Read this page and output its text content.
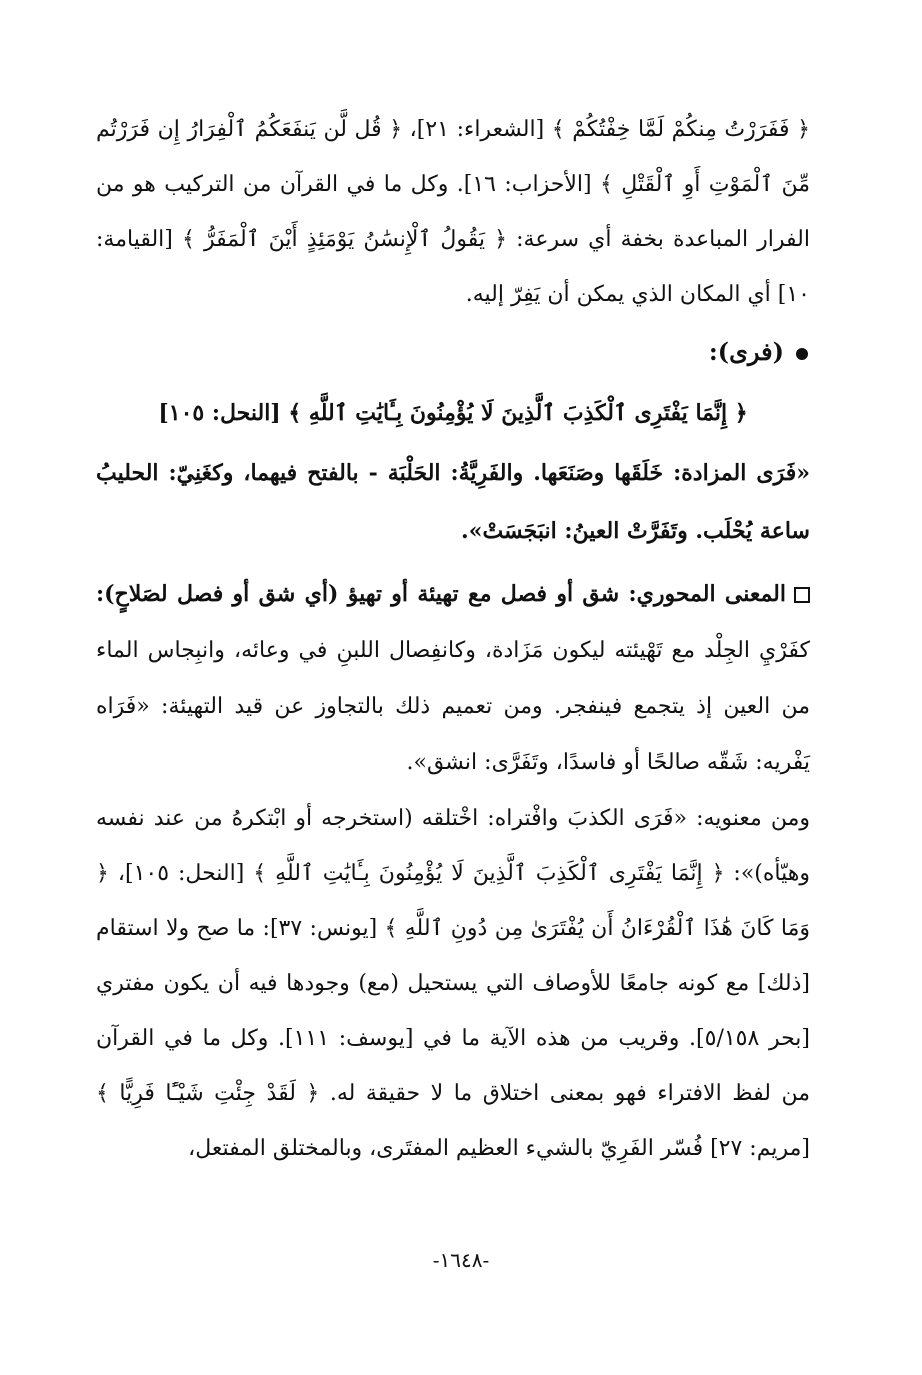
﴿ فَفَرَرْتُ مِنكُمْ لَمَّا خِفْتُكُمْ ﴾ [الشعراء: ٢١]، ﴿ قُل لَّن يَنفَعَكُمُ ٱلْفِرَارُ إِن فَرَرْتُم مِّنَ ٱلْمَوْتِ أَوِ ٱلْقَتْلِ ﴾ [الأحزاب: ١٦]. وكل ما في القرآن من التركيب هو من الفرار المباعدة بخفة أي سرعة: ﴿ يَقُولُ ٱلْإِنسَٰنُ يَوْمَئِذٍ أَيْنَ ٱلْمَفَرُّ ﴾ [القيامة: ١٠] أي المكان الذي يمكن أن يَفِرّ إليه.

(فرى):

﴿ إِنَّمَا يَفْتَرِى ٱلْكَذِبَ ٱلَّذِينَ لَا يُؤْمِنُونَ بِـَٔايَٰتِ ٱللَّهِ ﴾ [النحل: ١٠٥]

«فَرَى المزادة: خَلَقَها وصَنَعَها. والفَرِيَّةُ: الحَلْبَة - بالفتح فيهما، وكغَنِيّ: الحليبُ ساعة يُحْلَب. وتَفَرَّتْ العينُ: انبَجَسَتْ».

المعنى المحوري: شق أو فصل مع تهيئة أو تهيؤ (أي شق أو فصل لصَلاحٍ): كفَرْيِ الجِلْد مع تَهْيئته ليكون مَزَادة، وكانفِصال اللبنِ في وعائه، وانبِجاس الماء من العين إذ يتجمع فينفجر. ومن تعميم ذلك بالتجاوز عن قيد التهيئة: «فَرَاه يَفْريه: شَقّه صالحًا أو فاسدًا، وتَفَرَّى: انشق».

ومن معنويه: «فَرَى الكذبَ وافْتراه: اخْتلقه (استخرجه أو ابْتكرهُ من عند نفسه وهيّأه)»: ﴿ إِنَّمَا يَفْتَرِى ٱلْكَذِبَ ٱلَّذِينَ لَا يُؤْمِنُونَ بِـَٔايَٰتِ ٱللَّهِ ﴾ [النحل: ١٠٥]، ﴿ وَمَا كَانَ هَٰذَا ٱلْقُرْءَانُ أَن يُفْتَرَىٰ مِن دُونِ ٱللَّهِ ﴾ [يونس: ٣٧]: ما صح ولا استقام [ذلك] مع كونه جامعًا للأوصاف التي يستحيل (مع) وجودها فيه أن يكون مفتري [بحر ٥/١٥٨]. وقريب من هذه الآية ما في [يوسف: ١١١]. وكل ما في القرآن من لفظ الافتراء فهو بمعنى اختلاق ما لا حقيقة له. ﴿ لَقَدْ جِئْتِ شَيْـًٔا فَرِيًّا ﴾ [مريم: ٢٧] فُسّر الفَرِيّ بالشيء العظيم المفتَرى، وبالمختلق المفتعل،

-١٦٤٨-
